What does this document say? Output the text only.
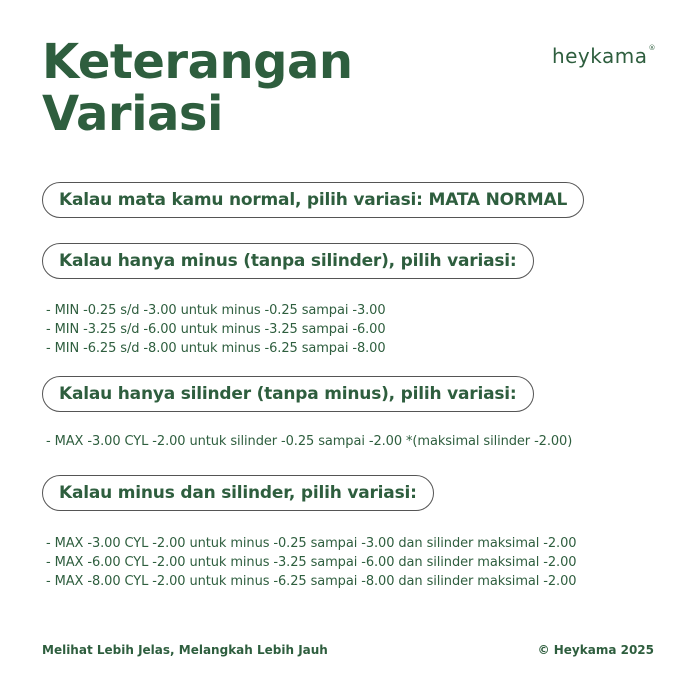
Keterangan
Variasi
heykama®
Kalau mata kamu normal, pilih variasi: MATA NORMAL
Kalau hanya minus (tanpa silinder), pilih variasi:
- MIN -0.25 s/d -3.00 untuk minus -0.25 sampai -3.00
- MIN -3.25 s/d -6.00 untuk minus -3.25 sampai -6.00
- MIN -6.25 s/d -8.00 untuk minus -6.25 sampai -8.00
Kalau hanya silinder (tanpa minus), pilih variasi:
- MAX -3.00 CYL -2.00 untuk silinder -0.25 sampai -2.00 *(maksimal silinder -2.00)
Kalau minus dan silinder, pilih variasi:
- MAX -3.00 CYL -2.00 untuk minus -0.25 sampai -3.00 dan silinder maksimal -2.00
- MAX -6.00 CYL -2.00 untuk minus -3.25 sampai -6.00 dan silinder maksimal -2.00
- MAX -8.00 CYL -2.00 untuk minus -6.25 sampai -8.00 dan silinder maksimal -2.00
Melihat Lebih Jelas, Melangkah Lebih Jauh	© Heykama 2025
